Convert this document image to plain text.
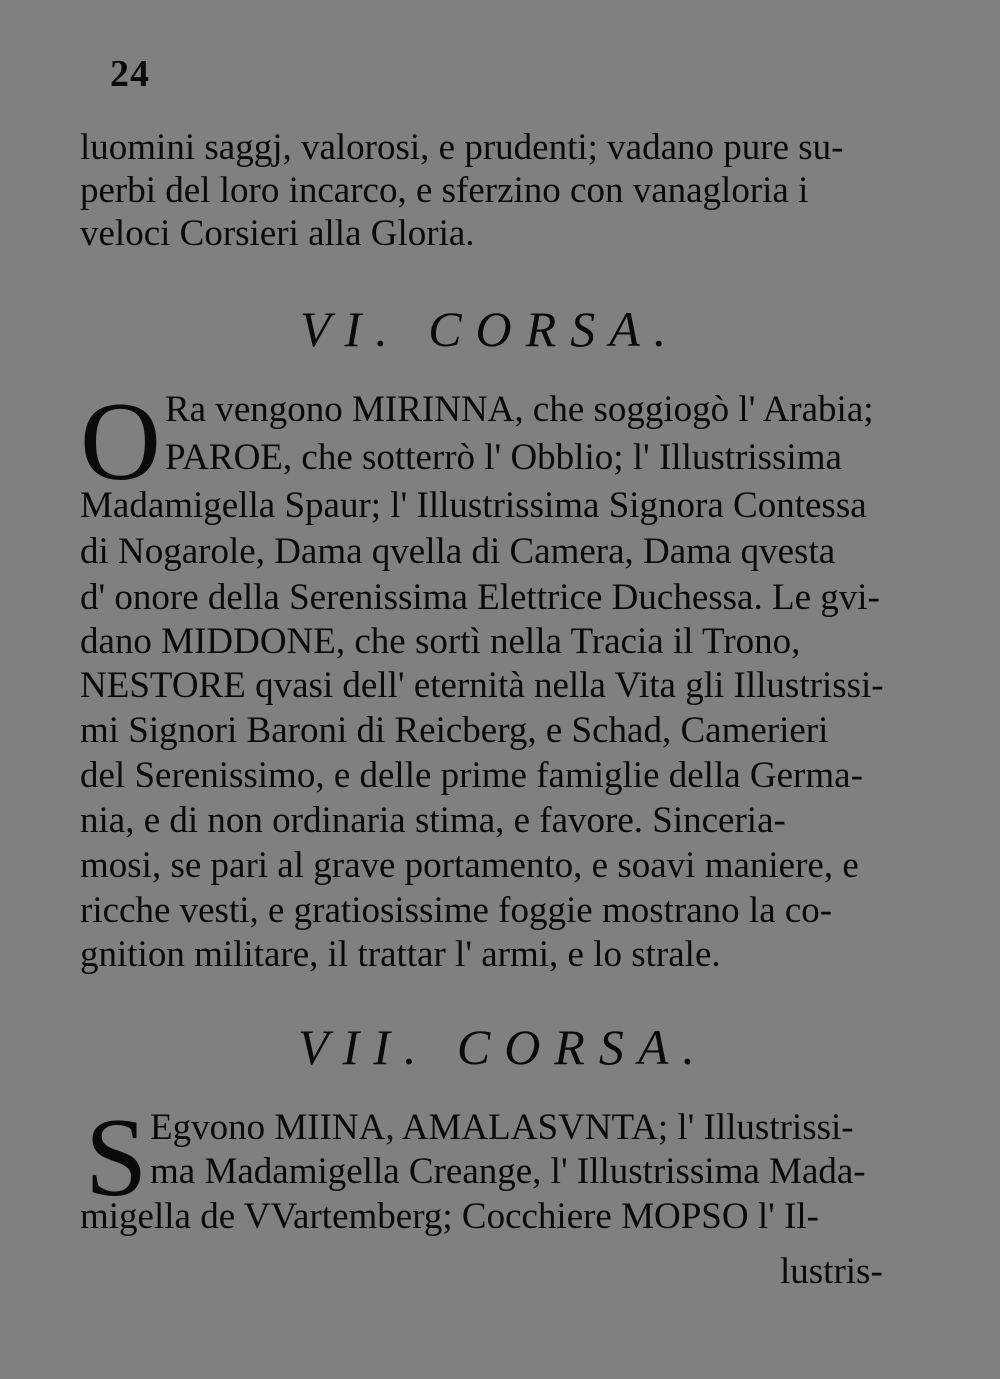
24
luomini saggj, valorosi, e prudenti; vadano pure su-
perbi del loro incarco, e sferzino con vanagloria i
veloci Corsieri alla Gloria.
VI. CORSA.
O Ra vengono MIRINNA, che soggiogò l' Arabia;
PAROE, che sotterrò l' Obblio; l' Illustrissima
Madamigella Spaur; l' Illustrissima Signora Contessa
di Nogarole, Dama qvella di Camera, Dama qvesta
d' onore della Serenissima Elettrice Duchessa. Le gvi-
dano MIDDONE, che sortì nella Tracia il Trono,
NESTORE qvasi dell' eternità nella Vita gli Illustrissi-
mi Signori Baroni di Reicberg, e Schad, Camerieri
del Serenissimo, e delle prime famiglie della Germa-
nia, e di non ordinaria stima, e favore. Sinceria-
mosi, se pari al grave portamento, e soavi maniere, e
ricche vesti, e gratiosissime foggie mostrano la co-
gnition militare, il trattar l' armi, e lo strale.
VII. CORSA.
S Egvono MIINA, AMALASVNTA; l' Illustrissi-
ma Madamigella Creange, l' Illustrissima Mada-
migella de VVartemberg; Cocchiere MOPSO l' Il-
lustris-
